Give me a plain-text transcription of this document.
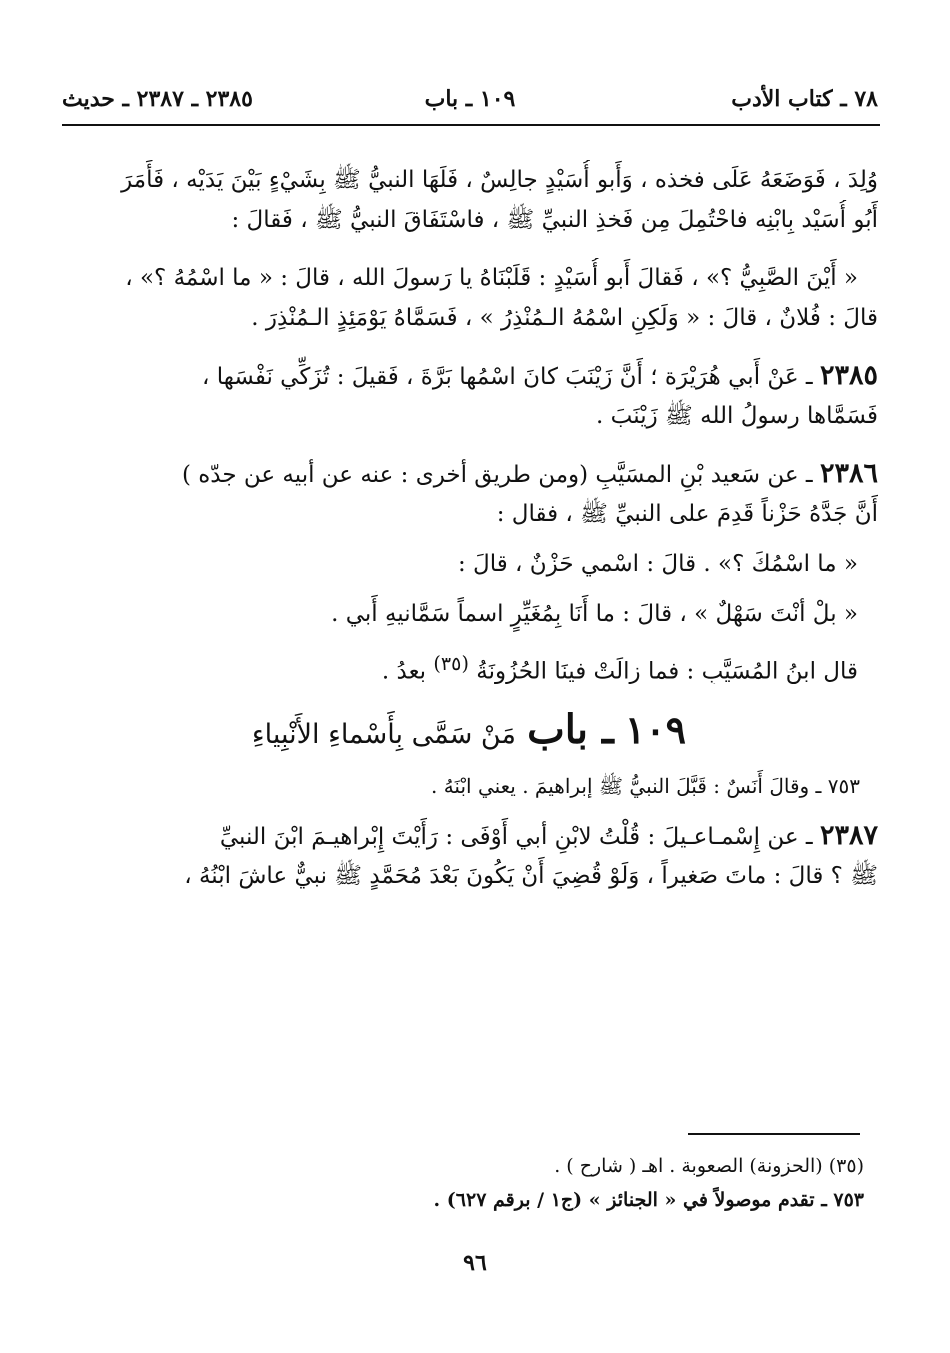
٧٨ ـ كتاب الأدب
١٠٩ ـ باب
٢٣٨٥ ـ ٢٣٨٧ ـ حديث
وُلِدَ ، فَوَضَعَهُ عَلَى فخذه ، وَأَبو أُسَيْدٍ جالِسٌ ، فَلَهَا النبيُّ ﷺ بِشَيْءٍ بَيْنَ يَدَيْه ، فَأَمَرَ
أَبُو أُسَيْد بِابْنِه فاحْتُمِلَ مِن فَخذِ النبيِّ ﷺ ، فاسْتَفَاقَ النبيُّ ﷺ ، فَقالَ :
« أَيْنَ الصَّبِيُّ ؟» ، فَقالَ أَبو أُسَيْدٍ : قَلَبْنَاهُ يا رَسولَ الله ، قالَ : « ما اسْمُهُ ؟» ،
قالَ : فُلانٌ ، قالَ : « وَلَكِنِ اسْمُهُ الـمُنْذِرُ » ، فَسَمَّاهُ يَوْمَئِذٍ الـمُنْذِرَ .
٢٣٨٥ ـ عَنْ أَبي هُرَيْرَة ؛ أَنَّ زَيْنَبَ كانَ اسْمُها بَرَّةَ ، فَقيلَ : تُزَكِّي نَفْسَها ،
فَسَمَّاها رسولُ الله ﷺ زَيْنَبَ .
٢٣٨٦ ـ عن سَعيد بْنِ المسَيَّبِ (ومن طريق أخرى : عنه عن أبيه عن جدّه )
أَنَّ جَدَّهُ حَزْناً قَدِمَ على النبيِّ ﷺ ، فقال :
« ما اسْمُكَ ؟» . قالَ : اسْمي حَزْنٌ ، قالَ :
« بلْ أنْتَ سَهْلٌ » ، قالَ : ما أَنَا بِمُغَيِّرٍ اسماً سَمَّانيهِ أَبي .
قال ابنُ المُسَيَّبِ : فما زالَتْ فينَا الحُزُونَةُ $^{(٣٥)}$ بعدُ .
١٠٩ ـ باب مَنْ سَمَّى بِأَسْماءِ الأَنْبِياءِ
٧٥٣ ـ وقالَ أَنَسٌ : قَبَّلَ النبيُّ ﷺ إبراهيمَ . يعني ابْنَهُ .
٢٣٨٧ ـ عن إِسْمـاعـيلَ : قُلْتُ لابْنِ أبي أَوْفَى : رَأَيْتَ إِبْراهيـمَ ابْنَ النبيِّ
ﷺ ؟ قالَ : ماتَ صَغيراً ، وَلَوْ قُضِيَ أَنْ يَكُونَ بَعْدَ مُحَمَّدٍ ﷺ نبيٌّ عاشَ ابْنُهُ ،
(٣٥) (الحزونة) الصعوبة . اهـ ( شارح ) .
٧٥٣ ـ تقدم موصولاً في « الجنائز » (ج١ / برقم ٦٢٧) .
٩٦
